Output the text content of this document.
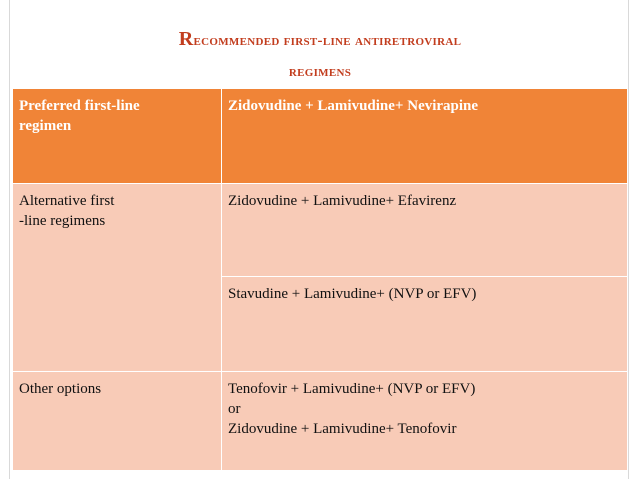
Recommended first-line antiretroviral
regimens
Preferred first-line
regimen	Zidovudine + Lamivudine+ Nevirapine

Alternative first
-line regimens	Zidovudine + Lamivudine+ Efavirenz

	Stavudine + Lamivudine+ (NVP or EFV)

Other options	Tenofovir + Lamivudine+ (NVP or EFV)
or
Zidovudine + Lamivudine+ Tenofovir
